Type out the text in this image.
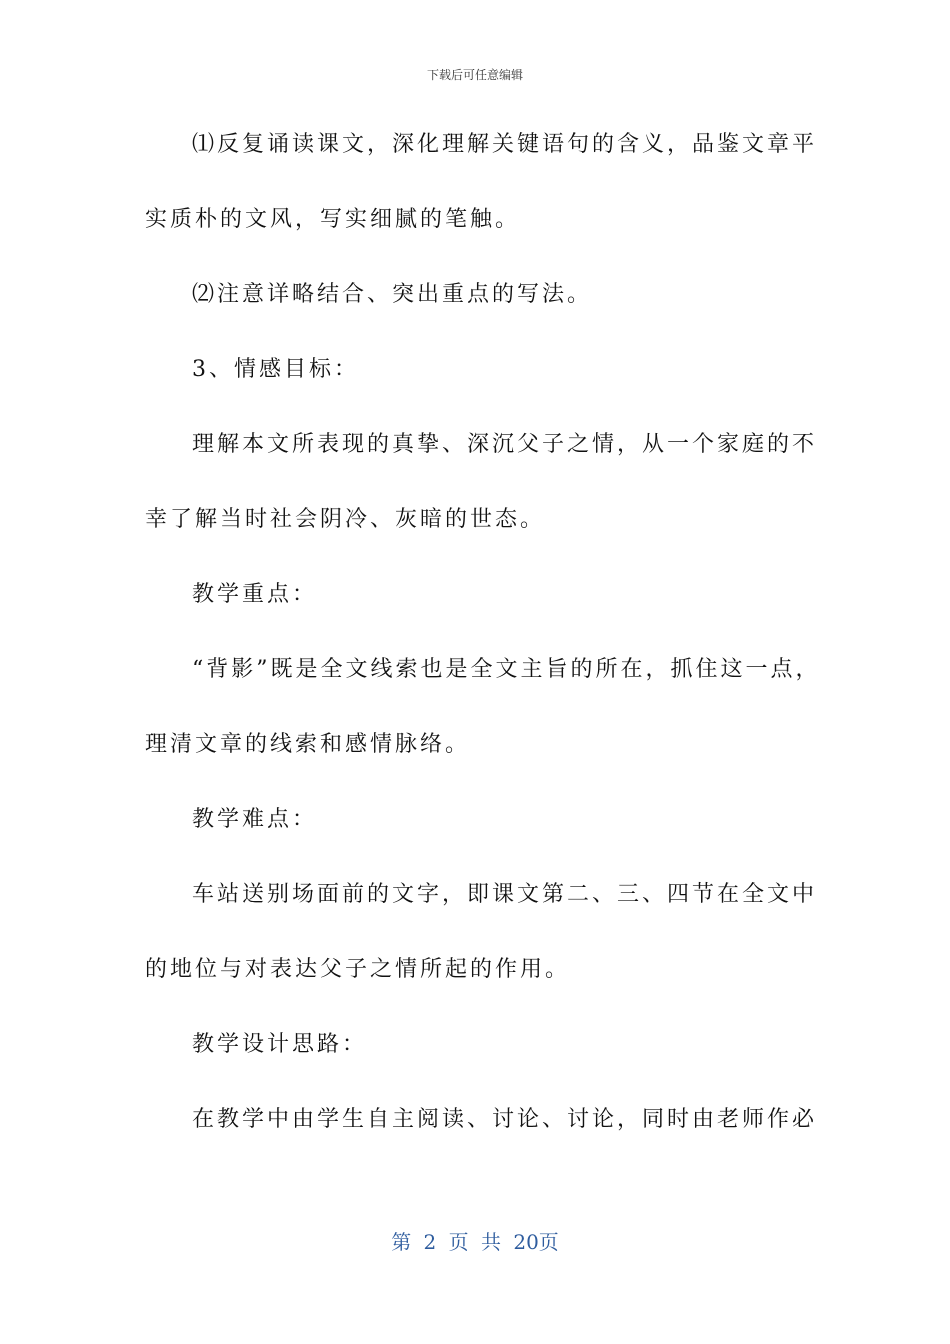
下载后可任意编辑
⑴反复诵读课文，深化理解关键语句的含义，品鉴文章平
实质朴的文风，写实细腻的笔触。
⑵注意详略结合、突出重点的写法。
3、情感目标：
理解本文所表现的真挚、深沉父子之情，从一个家庭的不
幸了解当时社会阴冷、灰暗的世态。
教学重点：
“背影”既是全文线索也是全文主旨的所在，抓住这一点，
理清文章的线索和感情脉络。
教学难点：
车站送别场面前的文字，即课文第二、三、四节在全文中
的地位与对表达父子之情所起的作用。
教学设计思路：
在教学中由学生自主阅读、讨论、讨论，同时由老师作必
第 2 页 共 20页
